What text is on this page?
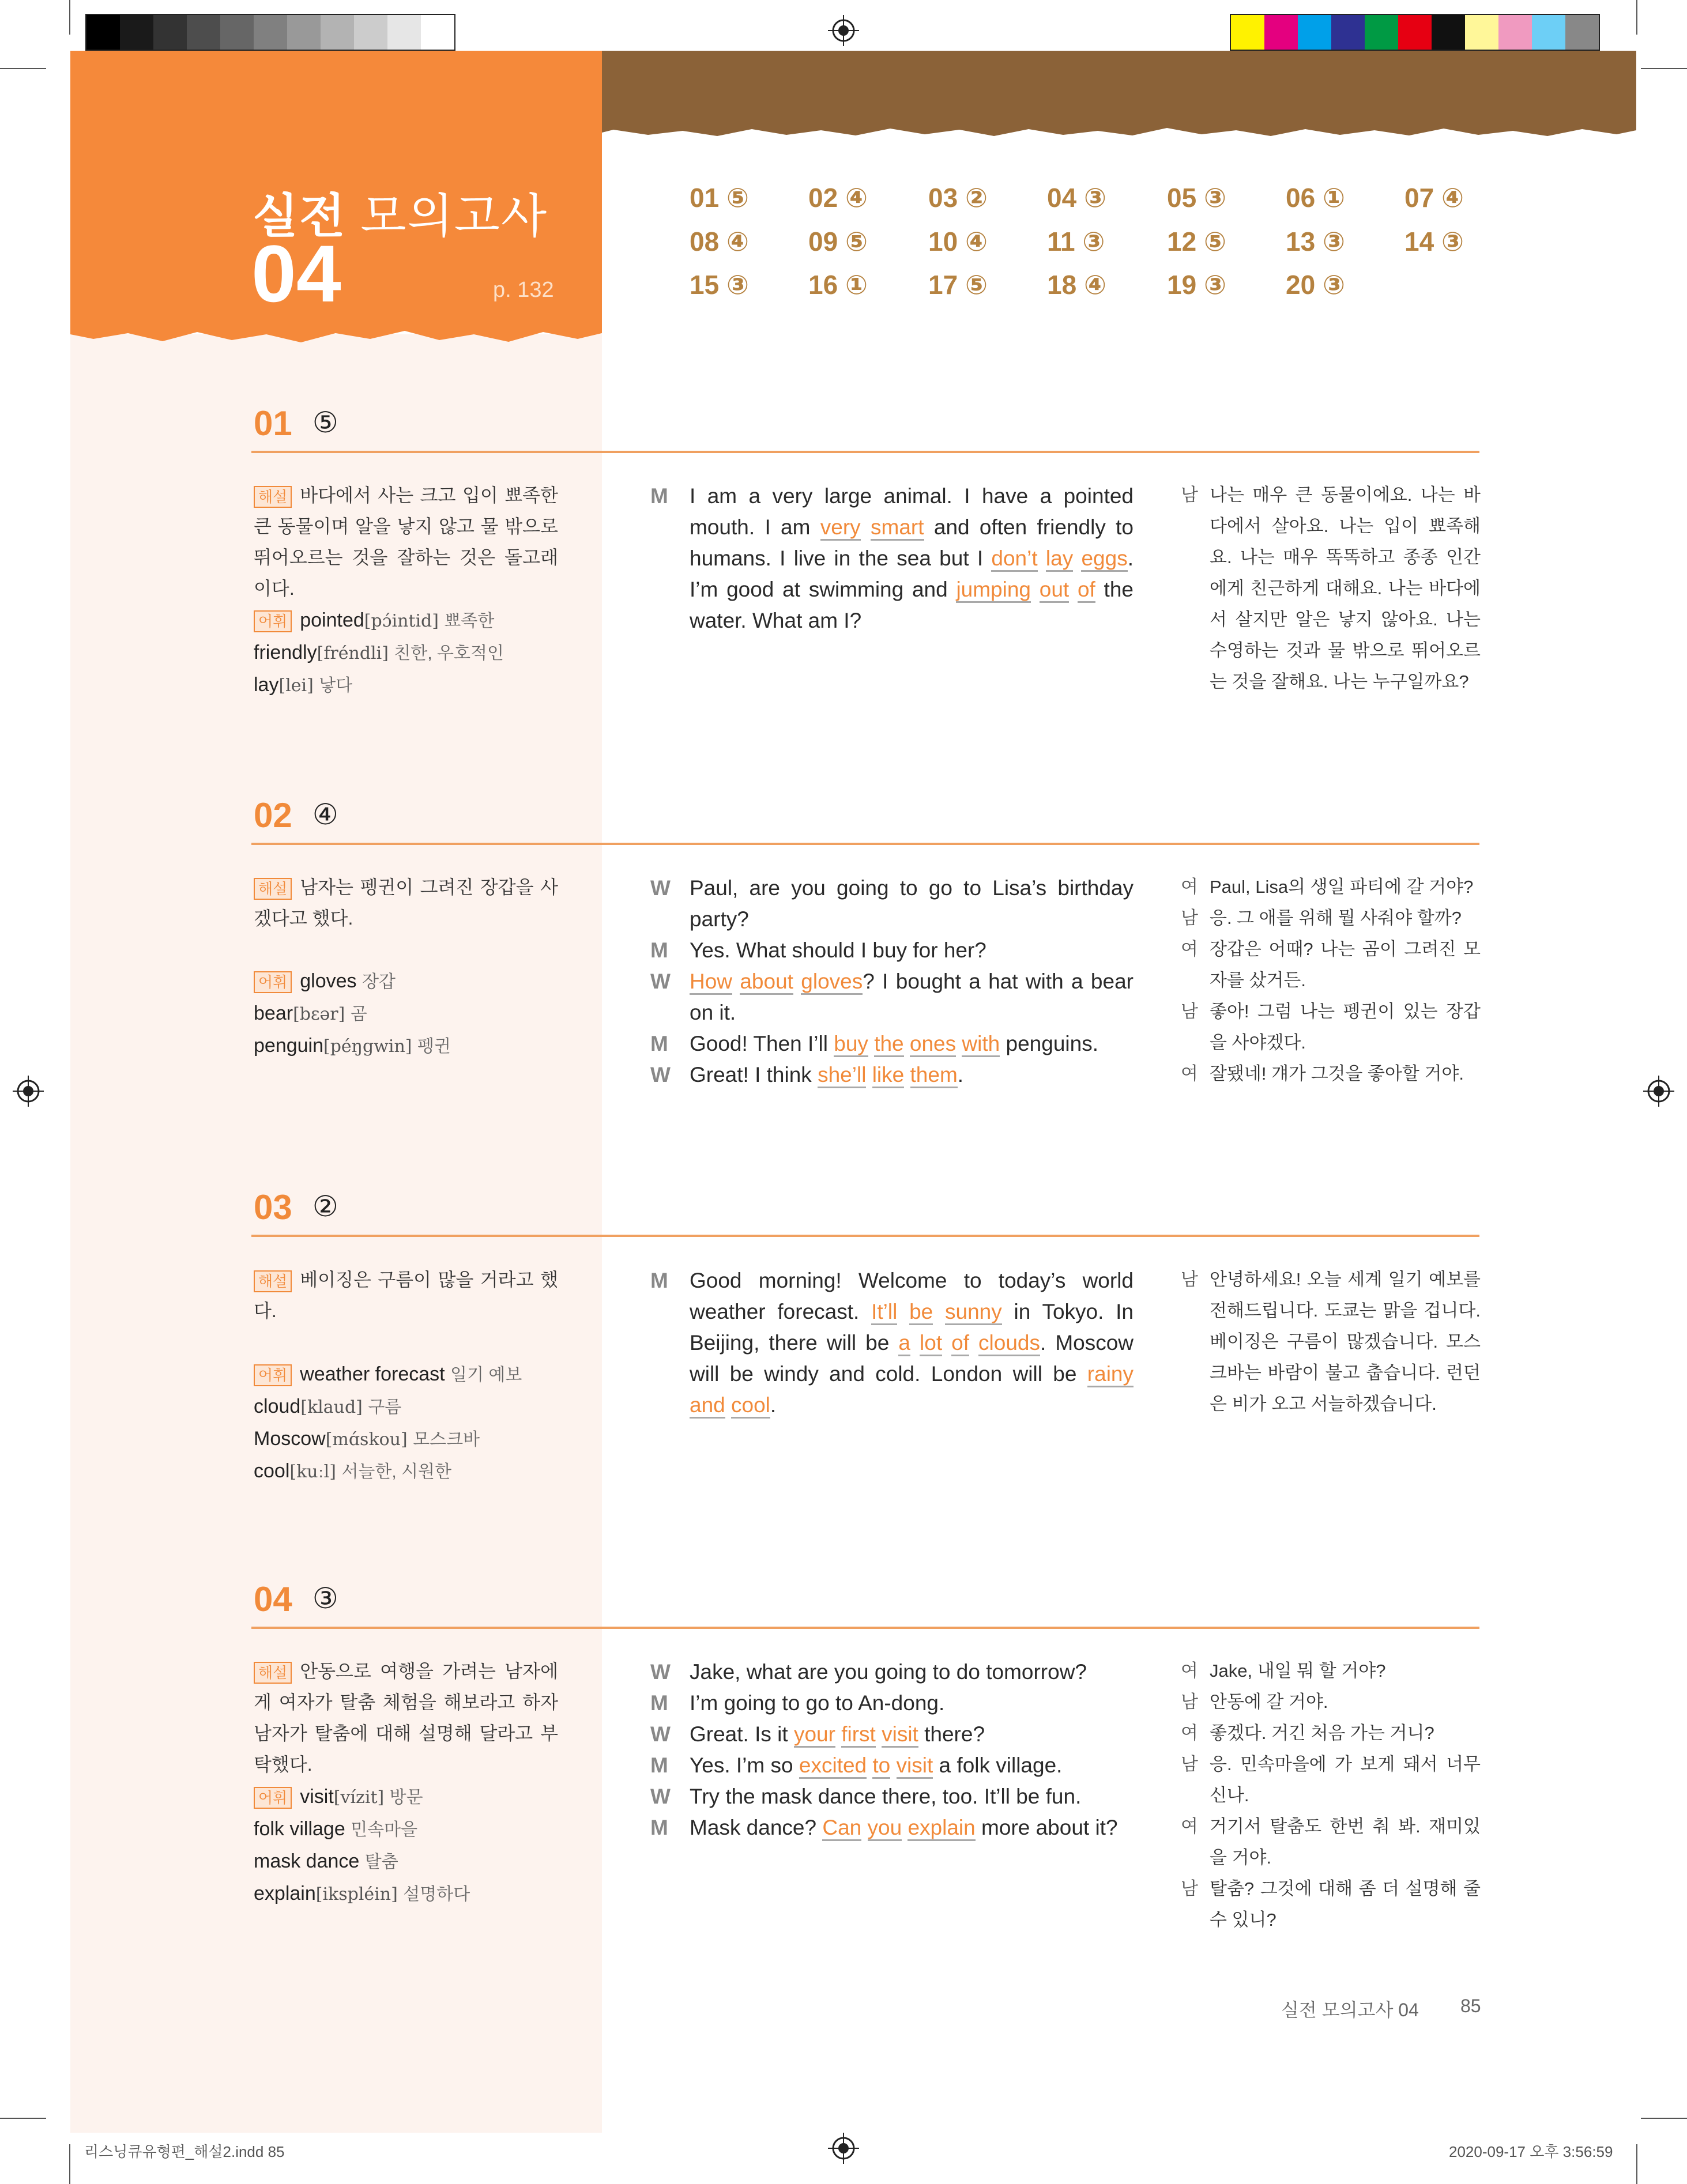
실전 모의고사
04	p. 132
01 ⑤ 02 ④ 03 ② 04 ③ 05 ③ 06 ① 07 ④
08 ④ 09 ⑤ 10 ④ 11 ③ 12 ⑤ 13 ③ 14 ③
15 ③ 16 ① 17 ⑤ 18 ④ 19 ③ 20 ③
01 ⑤
해설 바다에서 사는 크고 입이 뾰족한 큰 동물이며 알을 낳지 않고 물 밖으로 뛰어오르는 것을 잘하는 것은 돌고래이다.
어휘 pointed[pɔ́intid] 뾰족한
friendly[fréndli] 친한, 우호적인
lay[lei] 낳다
M	I am a very large animal. I have a pointed mouth. I am very smart and often friendly to humans. I live in the sea but I don’t lay eggs. I’m good at swimming and jumping out of the water. What am I?
남 나는 매우 큰 동물이에요. 나는 바다에서 살아요. 나는 입이 뾰족해요. 나는 매우 똑똑하고 종종 인간에게 친근하게 대해요. 나는 바다에서 살지만 알은 낳지 않아요. 나는 수영하는 것과 물 밖으로 뛰어오르는 것을 잘해요. 나는 누구일까요?
02 ④
해설 남자는 펭귄이 그려진 장갑을 사겠다고 했다.
어휘 gloves 장갑
bear[bɛər] 곰
penguin[péŋgwin] 펭귄
W Paul, are you going to go to Lisa’s birthday party?
M	Yes. What should I buy for her?
W How about gloves? I bought a hat with a bear on it.
M	Good! Then I’ll buy the ones with penguins.
W Great! I think she’ll like them.
여 Paul, Lisa의 생일 파티에 갈 거야?
남 응. 그 애를 위해 뭘 사줘야 할까?
여 장갑은 어때? 나는 곰이 그려진 모자를 샀거든.
남 좋아! 그럼 나는 펭귄이 있는 장갑을 사야겠다.
여 잘됐네! 걔가 그것을 좋아할 거야.
03 ②
해설 베이징은 구름이 많을 거라고 했다.
어휘 weather forecast 일기 예보
cloud[klaud] 구름
Moscow[mɑ́skou] 모스크바
cool[kuːl] 서늘한, 시원한
M	Good morning! Welcome to today’s world weather forecast. It’ll be sunny in Tokyo. In Beijing, there will be a lot of clouds. Moscow will be windy and cold. London will be rainy and cool.
남 안녕하세요! 오늘 세계 일기 예보를 전해드립니다. 도쿄는 맑을 겁니다. 베이징은 구름이 많겠습니다. 모스크바는 바람이 불고 춥습니다. 런던은 비가 오고 서늘하겠습니다.
04 ③
해설 안동으로 여행을 가려는 남자에게 여자가 탈춤 체험을 해보라고 하자 남자가 탈춤에 대해 설명해 달라고 부탁했다.
어휘 visit[vízit] 방문
folk village 민속마을
mask dance 탈춤
explain[ikspléin] 설명하다
W Jake, what are you going to do tomorrow?
M	I’m going to go to An-dong.
W Great. Is it your first visit there?
M	Yes. I’m so excited to visit a folk village.
W Try the mask dance there, too. It’ll be fun.
M	Mask dance? Can you explain more about it?
여 Jake, 내일 뭐 할 거야?
남 안동에 갈 거야.
여 좋겠다. 거긴 처음 가는 거니?
남 응. 민속마을에 가 보게 돼서 너무 신나.
여 거기서 탈춤도 한번 춰 봐. 재미있을 거야.
남 탈춤? 그것에 대해 좀 더 설명해 줄 수 있니?
실전 모의고사 04 85
리스닝큐유형편_해설2.indd 85	2020-09-17 오후 3:56:59
